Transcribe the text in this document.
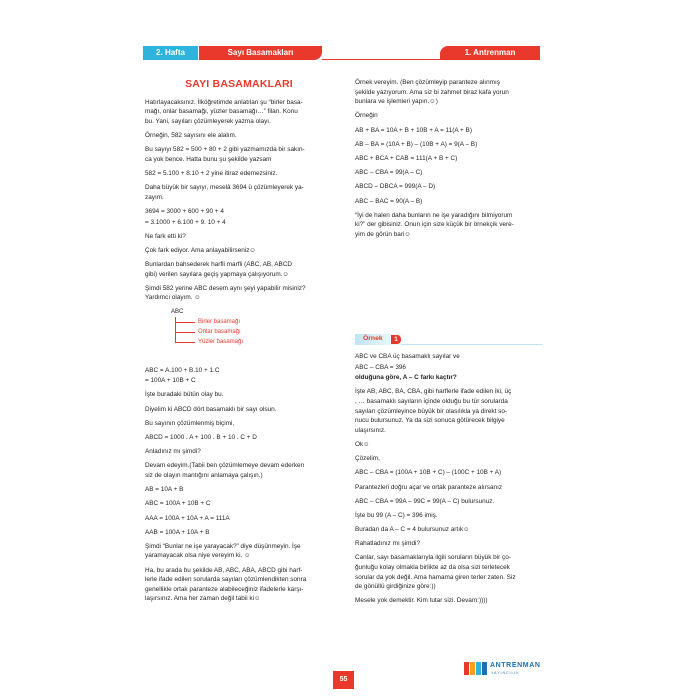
2. Hafta	Sayı Basamakları	1. Antrenman
SAYI BASAMAKLARI

Hatırlayacaksınız. İlköğretimde anlatılan şu “birler basa-
mağı, onlar basamağı, yüzler basamağı…” filan. Konu
bu. Yani, sayıları çözümleyerek yazma olayı.

Örneğin, 582 sayısını ele alalım.

Bu sayıyı 582 = 500 + 80 + 2 gibi yazmamızda bir sakın-
ca yok bence. Hatta bunu şu şekilde yazsam

582 = 5.100 + 8.10 + 2 yine itiraz edemezsiniz.

Daha büyük bir sayıyı, meselâ 3694 ü çözümleyerek ya-
zayım.

3694 = 3000 + 600 + 90 + 4

= 3.1000 + 6.100 + 9. 10 + 4

Ne fark etti ki?

Çok fark ediyor. Ama anlayabilirseniz☺

Bunlardan bahsederek harfli marfli (ABC, AB, ABCD
gibi) verilen sayılara geçiş yapmaya çalışıyorum.☺

Şimdi 582 yerine ABC desem aynı şeyi yapabilir misiniz?
Yardımcı olayım. ☺

ABC
Birler basamağı
Onlar basamağı
Yüzler basamağı

ABC = A.100 + B.10 + 1.C

= 100A + 10B + C

İşte buradaki bütün olay bu.

Diyelim ki ABCD dört basamaklı bir sayı olsun.

Bu sayının çözümlenmiş biçimi,

ABCD = 1000 . A + 100 . B + 10 . C + D

Anladınız mı şimdi?

Devam edeyim.(Tabii ben çözümlemeye devam ederken
siz de olayın mantığını anlamaya çalışın.)

AB = 10A + B

ABC = 100A + 10B + C

AAA = 100A + 10A + A = 111A

AAB = 100A + 10A + B

Şimdi “Bunlar ne işe yarayacak?” diye düşünmeyin. İşe
yaramayacak olsa niye vereyim ki. ☺

Ha, bu arada bu şekilde AB, ABC, ABA, ABCD gibi harf-
lerle ifade edilen sorularda sayıları çözümlendikten sonra
genellikle ortak paranteze alabileceğiniz ifadelerle karşı-
laşırsınız. Ama her zaman değil tabii ki☺

Örnek vereyim. (Ben çözümleyip paranteze alınmış
şekilde yazıyorum. Ama siz bi zahmet biraz kafa yorun
bunlara ve işlemleri yapın.☺)

Örneğin

AB + BA = 10A + B + 10B + A = 11(A + B)

AB – BA = (10A + B) – (10B + A) = 9(A – B)

ABC + BCA + CAB = 111(A + B + C)

ABC – CBA = 99(A – C)

ABCD – DBCA = 999(A – D)

ABC – BAC = 90(A – B)

“İyi de halen daha bunların ne işe yaradığını bilmiyorum
ki?” der gibisiniz. Onun için size küçük bir örnekçik vere-
yim de görün bari☺

Örnek	1

ABC ve CBA üç basamaklı sayılar ve

ABC – CBA = 396

olduğuna göre, A – C farkı kaçtır?

İşte AB, ABC, BA, CBA, gibi harflerle ifade edilen iki, üç
, … basamaklı sayıların içinde olduğu bu tür sorularda
sayıları çözümleyince büyük bir olasılıkla ya direkt so-
nucu bulursunuz. Ya da sizi sonuca götürecek bilgiye
ulaşırsınız.

Ok☺

Çözelim,

ABC – CBA = (100A + 10B + C) – (100C + 10B + A)

Parantezleri doğru açar ve ortak paranteze alırsanız

ABC – CBA = 99A – 99C = 99(A – C) bulursunuz.

İşte bu 99 (A – C) = 396 imiş.

Buradan da A – C = 4 bulursunuz artık☺

Rahatladınız mı şimdi?

Canlar, sayı basamaklarıyla ilgili soruların büyük bir ço-
ğunluğu kolay olmakla birlikte az da olsa sizi terletecek
sorular da yok değil. Ama hamama giren terler zaten. Siz
de gönüllü girdiğinize göre:))

Mesele yok demektir. Kim tutar sizi. Devam:))))

55
ANTRENMAN
YAYINCILIK
